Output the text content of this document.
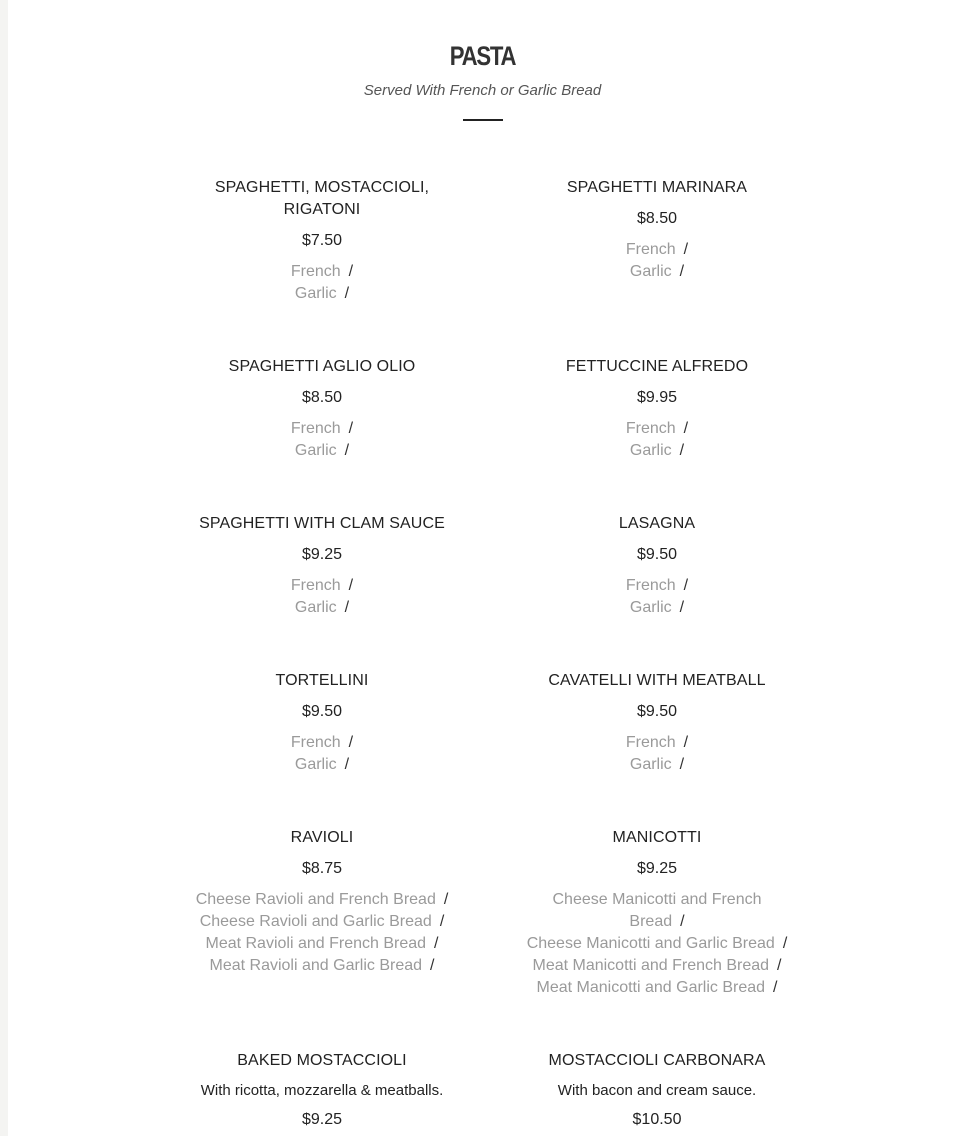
PASTA
Served With French or Garlic Bread
SPAGHETTI, MOSTACCIOLI, RIGATONI
$7.50
French /
Garlic /
SPAGHETTI MARINARA
$8.50
French /
Garlic /
SPAGHETTI AGLIO OLIO
$8.50
French /
Garlic /
FETTUCCINE ALFREDO
$9.95
French /
Garlic /
SPAGHETTI WITH CLAM SAUCE
$9.25
French /
Garlic /
LASAGNA
$9.50
French /
Garlic /
TORTELLINI
$9.50
French /
Garlic /
CAVATELLI WITH MEATBALL
$9.50
French /
Garlic /
RAVIOLI
$8.75
Cheese Ravioli and French Bread /
Cheese Ravioli and Garlic Bread /
Meat Ravioli and French Bread /
Meat Ravioli and Garlic Bread /
MANICOTTI
$9.25
Cheese Manicotti and French Bread /
Cheese Manicotti and Garlic Bread /
Meat Manicotti and French Bread /
Meat Manicotti and Garlic Bread /
BAKED MOSTACCIOLI
With ricotta, mozzarella & meatballs.
$9.25
MOSTACCIOLI CARBONARA
With bacon and cream sauce.
$10.50
